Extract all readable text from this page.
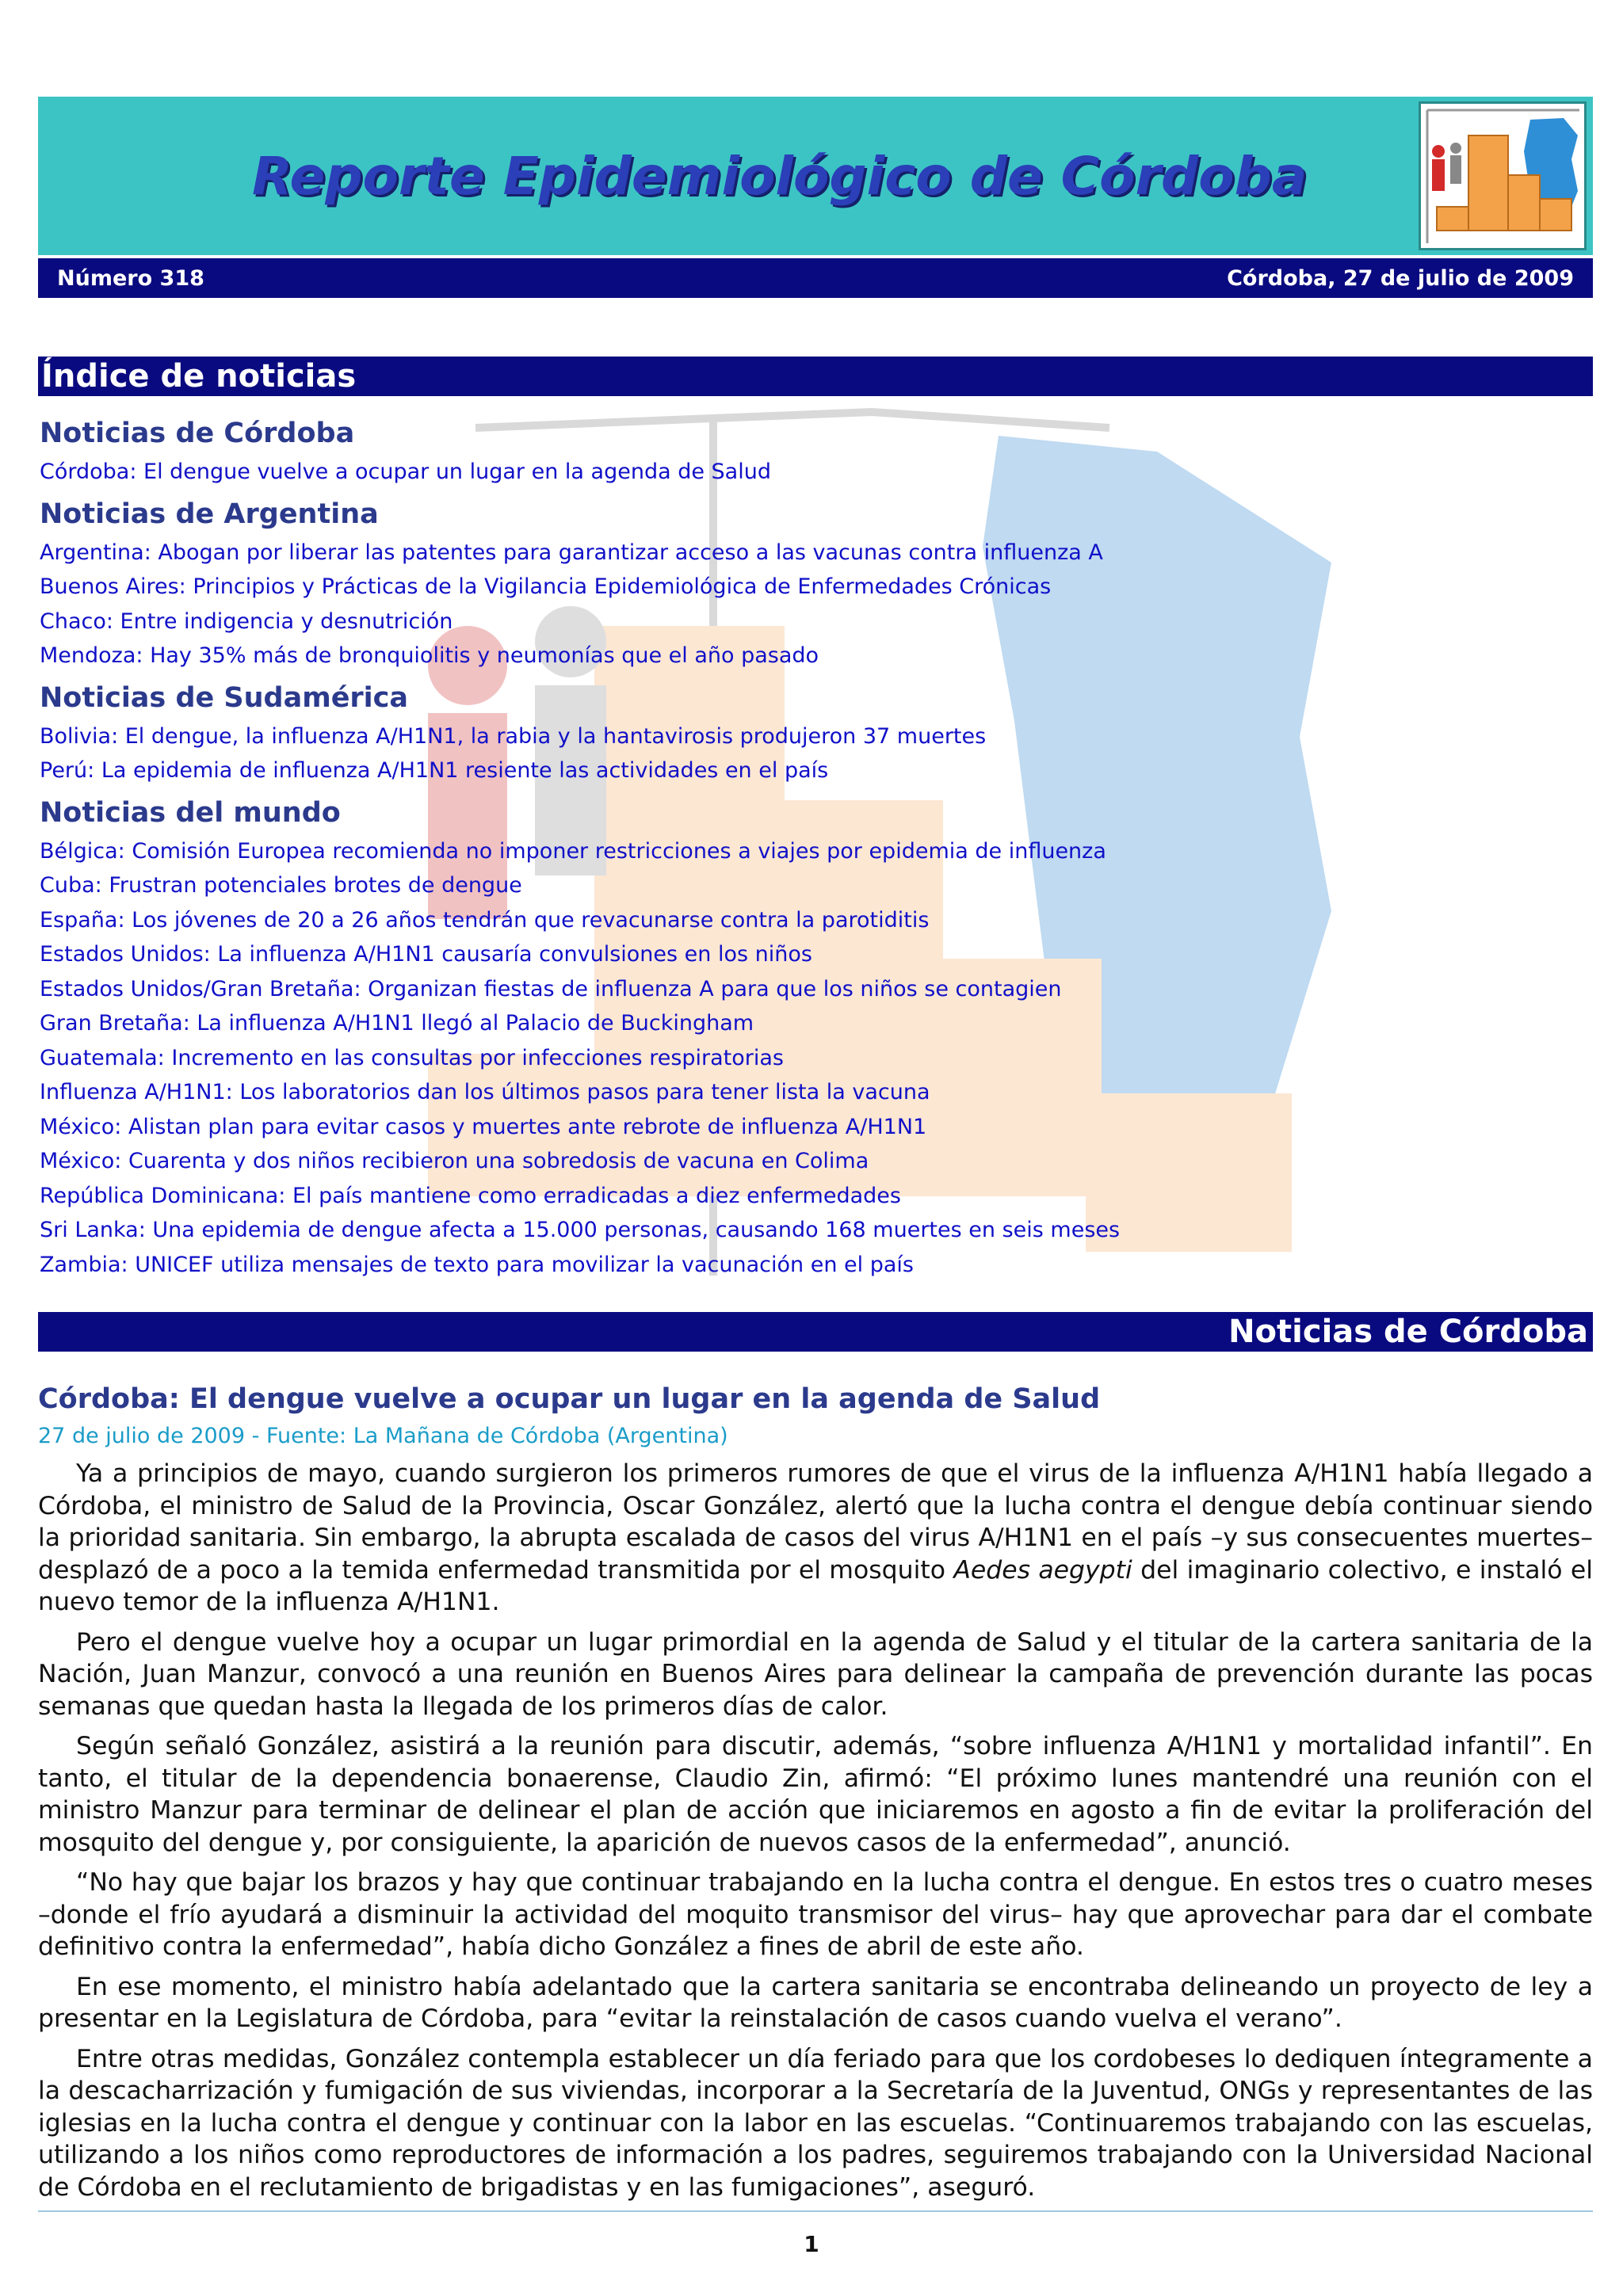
Reporte Epidemiológico de Córdoba
Número 318	Córdoba, 27 de julio de 2009
Índice de noticias
Noticias de Córdoba
Córdoba: El dengue vuelve a ocupar un lugar en la agenda de Salud
Noticias de Argentina
Argentina: Abogan por liberar las patentes para garantizar acceso a las vacunas contra influenza A
Buenos Aires: Principios y Prácticas de la Vigilancia Epidemiológica de Enfermedades Crónicas
Chaco: Entre indigencia y desnutrición
Mendoza: Hay 35% más de bronquiolitis y neumonías que el año pasado
Noticias de Sudamérica
Bolivia: El dengue, la influenza A/H1N1, la rabia y la hantavirosis produjeron 37 muertes
Perú: La epidemia de influenza A/H1N1 resiente las actividades en el país
Noticias del mundo
Bélgica: Comisión Europea recomienda no imponer restricciones a viajes por epidemia de influenza
Cuba: Frustran potenciales brotes de dengue
España: Los jóvenes de 20 a 26 años tendrán que revacunarse contra la parotiditis
Estados Unidos: La influenza A/H1N1 causaría convulsiones en los niños
Estados Unidos/Gran Bretaña: Organizan fiestas de influenza A para que los niños se contagien
Gran Bretaña: La influenza A/H1N1 llegó al Palacio de Buckingham
Guatemala: Incremento en las consultas por infecciones respiratorias
Influenza A/H1N1: Los laboratorios dan los últimos pasos para tener lista la vacuna
México: Alistan plan para evitar casos y muertes ante rebrote de influenza A/H1N1
México: Cuarenta y dos niños recibieron una sobredosis de vacuna en Colima
República Dominicana: El país mantiene como erradicadas a diez enfermedades
Sri Lanka: Una epidemia de dengue afecta a 15.000 personas, causando 168 muertes en seis meses
Zambia: UNICEF utiliza mensajes de texto para movilizar la vacunación en el país
Noticias de Córdoba
Córdoba: El dengue vuelve a ocupar un lugar en la agenda de Salud
27 de julio de 2009 - Fuente: La Mañana de Córdoba (Argentina)

Ya a principios de mayo, cuando surgieron los primeros rumores de que el virus de la influenza A/H1N1 había llegado a Córdoba, el ministro de Salud de la Provincia, Oscar González, alertó que la lucha contra el dengue debía continuar siendo la prioridad sanitaria. Sin embargo, la abrupta escalada de casos del virus A/H1N1 en el país –y sus consecuentes muertes– desplazó de a poco a la temida enfermedad transmitida por el mosquito Aedes aegypti del imaginario colectivo, e instaló el nuevo temor de la influenza A/H1N1.

Pero el dengue vuelve hoy a ocupar un lugar primordial en la agenda de Salud y el titular de la cartera sanitaria de la Nación, Juan Manzur, convocó a una reunión en Buenos Aires para delinear la campaña de prevención durante las pocas semanas que quedan hasta la llegada de los primeros días de calor.

Según señaló González, asistirá a la reunión para discutir, además, “sobre influenza A/H1N1 y mortalidad infantil”. En tanto, el titular de la dependencia bonaerense, Claudio Zin, afirmó: “El próximo lunes mantendré una reunión con el ministro Manzur para terminar de delinear el plan de acción que iniciaremos en agosto a fin de evitar la proliferación del mosquito del dengue y, por consiguiente, la aparición de nuevos casos de la enfermedad”, anunció.

“No hay que bajar los brazos y hay que continuar trabajando en la lucha contra el dengue. En estos tres o cuatro meses –donde el frío ayudará a disminuir la actividad del moquito transmisor del virus– hay que aprovechar para dar el combate definitivo contra la enfermedad”, había dicho González a fines de abril de este año.

En ese momento, el ministro había adelantado que la cartera sanitaria se encontraba delineando un proyecto de ley a presentar en la Legislatura de Córdoba, para “evitar la reinstalación de casos cuando vuelva el verano”.

Entre otras medidas, González contempla establecer un día feriado para que los cordobeses lo dediquen íntegramente a la descacharrización y fumigación de sus viviendas, incorporar a la Secretaría de la Juventud, ONGs y representantes de las iglesias en la lucha contra el dengue y continuar con la labor en las escuelas. “Continuaremos trabajando con las escuelas, utilizando a los niños como reproductores de información a los padres, seguiremos trabajando con la Universidad Nacional de Córdoba en el reclutamiento de brigadistas y en las fumigaciones”, aseguró.

1
